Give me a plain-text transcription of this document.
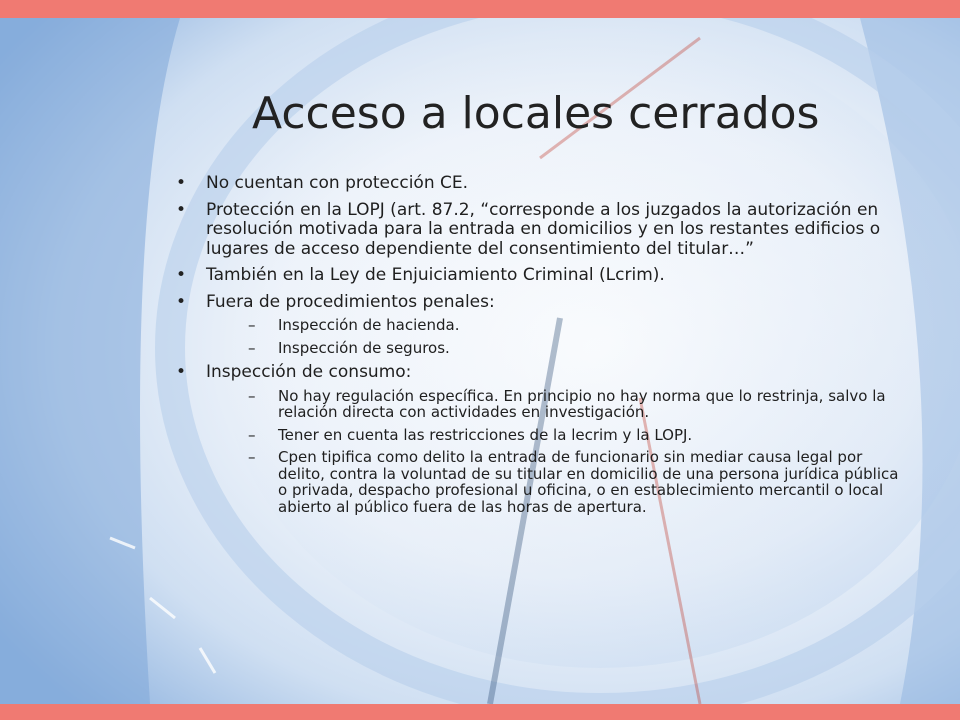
Acceso a locales cerrados
• No cuentan con protección CE.
• Protección en la LOPJ (art. 87.2, “corresponde a los juzgados la autorización en resolución motivada para la entrada en domicilios y en los restantes edificios o lugares de acceso dependiente del consentimiento del titular…”
• También en la Ley de Enjuiciamiento Criminal (Lcrim).
• Fuera de procedimientos penales:
– Inspección de hacienda.
– Inspección de seguros.
• Inspección de consumo:
– No hay regulación específica. En principio no hay norma que lo restrinja, salvo la relación directa con actividades en investigación.
– Tener en cuenta las restricciones de la lecrim y la LOPJ.
– Cpen tipifica como delito la entrada de funcionario sin mediar causa legal por delito, contra la voluntad de su titular en domicilio de una persona jurídica pública o privada, despacho profesional u oficina, o en establecimiento mercantil o local abierto al público fuera de las horas de apertura.
